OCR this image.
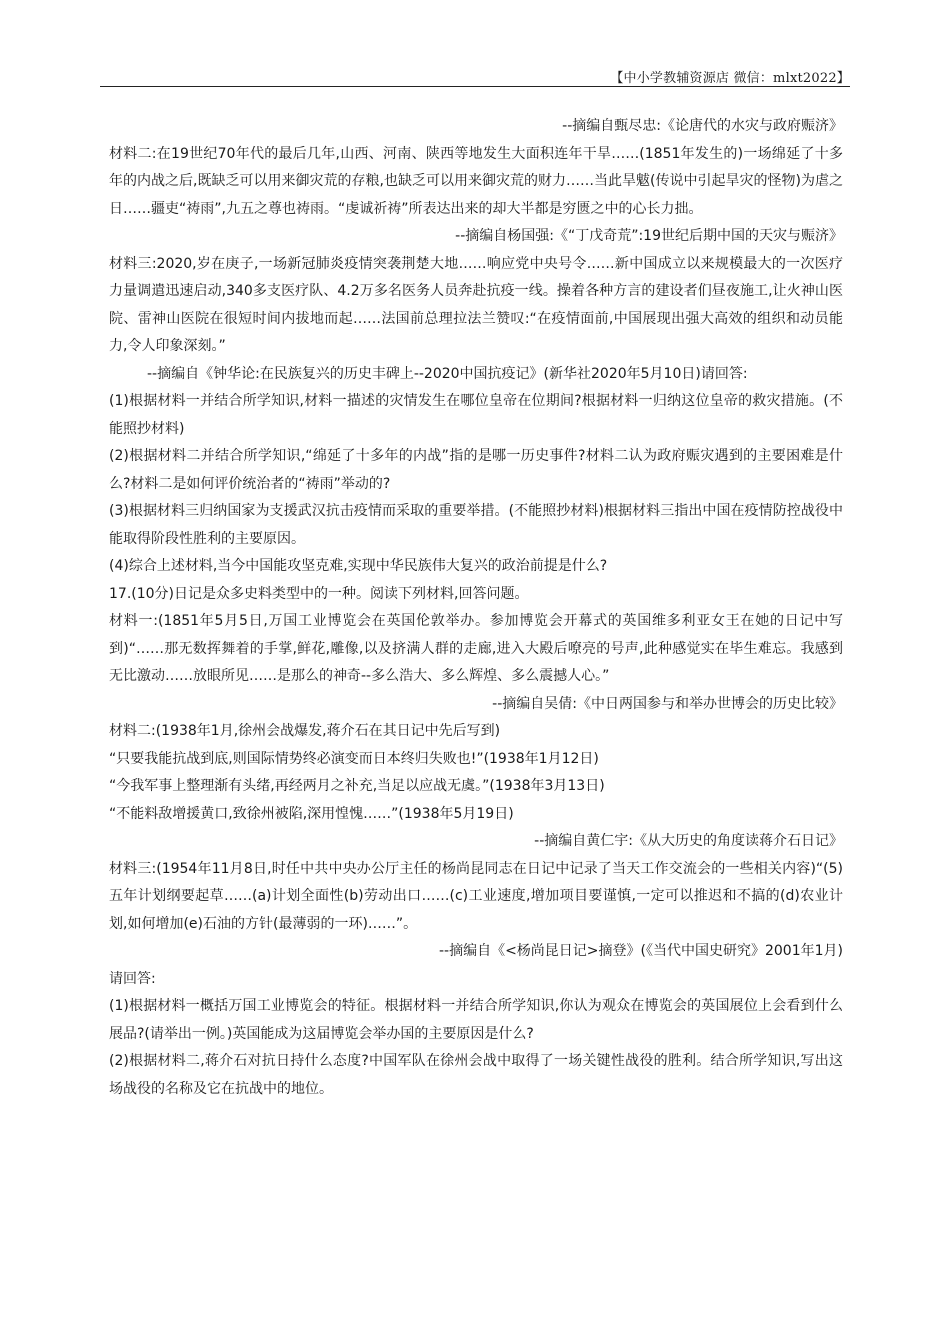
【中小学教辅资源店 微信：mlxt2022】
--摘编自甄尽忠:《论唐代的水灾与政府赈济》
材料二:在19世纪70年代的最后几年,山西、河南、陕西等地发生大面积连年干旱……(1851年发生的)一场绵延了十多年的内战之后,既缺乏可以用来御灾荒的存粮,也缺乏可以用来御灾荒的财力……当此旱魃(传说中引起旱灾的怪物)为虐之日……疆吏“祷雨”,九五之尊也祷雨。“虔诚祈祷”所表达出来的却大半都是穷匮之中的心长力拙。
--摘编自杨国强:《“丁戊奇荒”:19世纪后期中国的天灾与赈济》
材料三:2020,岁在庚子,一场新冠肺炎疫情突袭荆楚大地……响应党中央号令……新中国成立以来规模最大的一次医疗力量调遣迅速启动,340多支医疗队、4.2万多名医务人员奔赴抗疫一线。操着各种方言的建设者们昼夜施工,让火神山医院、雷神山医院在很短时间内拔地而起……法国前总理拉法兰赞叹:“在疫情面前,中国展现出强大高效的组织和动员能力,令人印象深刻。”
--摘编自《钟华论:在民族复兴的历史丰碑上--2020中国抗疫记》(新华社2020年5月10日)请回答:
(1)根据材料一并结合所学知识,材料一描述的灾情发生在哪位皇帝在位期间?根据材料一归纳这位皇帝的救灾措施。(不能照抄材料)
(2)根据材料二并结合所学知识,“绵延了十多年的内战”指的是哪一历史事件?材料二认为政府赈灾遇到的主要困难是什么?材料二是如何评价统治者的“祷雨”举动的?
(3)根据材料三归纳国家为支援武汉抗击疫情而采取的重要举措。(不能照抄材料)根据材料三指出中国在疫情防控战役中能取得阶段性胜利的主要原因。
(4)综合上述材料,当今中国能攻坚克难,实现中华民族伟大复兴的政治前提是什么?
17.(10分)日记是众多史料类型中的一种。阅读下列材料,回答问题。
材料一:(1851年5月5日,万国工业博览会在英国伦敦举办。参加博览会开幕式的英国维多利亚女王在她的日记中写到)“……那无数挥舞着的手掌,鲜花,雕像,以及挤满人群的走廊,进入大殿后嘹亮的号声,此种感觉实在毕生难忘。我感到无比激动……放眼所见……是那么的神奇--多么浩大、多么辉煌、多么震撼人心。”
--摘编自吴倩:《中日两国参与和举办世博会的历史比较》
材料二:(1938年1月,徐州会战爆发,蒋介石在其日记中先后写到)
“只要我能抗战到底,则国际情势终必演变而日本终归失败也!”(1938年1月12日)
“今我军事上整理渐有头绪,再经两月之补充,当足以应战无虞。”(1938年3月13日)
“不能料敌增援黄口,致徐州被陷,深用惶愧……”(1938年5月19日)
--摘编自黄仁宇:《从大历史的角度读蒋介石日记》
材料三:(1954年11月8日,时任中共中央办公厅主任的杨尚昆同志在日记中记录了当天工作交流会的一些相关内容)“(5)五年计划纲要起草……(a)计划全面性(b)劳动出口……(c)工业速度,增加项目要谨慎,一定可以推迟和不搞的(d)农业计划,如何增加(e)石油的方针(最薄弱的一环)……”。
--摘编自《<杨尚昆日记>摘登》(《当代中国史研究》2001年1月)
请回答:
(1)根据材料一概括万国工业博览会的特征。根据材料一并结合所学知识,你认为观众在博览会的英国展位上会看到什么展品?(请举出一例。)英国能成为这届博览会举办国的主要原因是什么?
(2)根据材料二,蒋介石对抗日持什么态度?中国军队在徐州会战中取得了一场关键性战役的胜利。结合所学知识,写出这场战役的名称及它在抗战中的地位。
